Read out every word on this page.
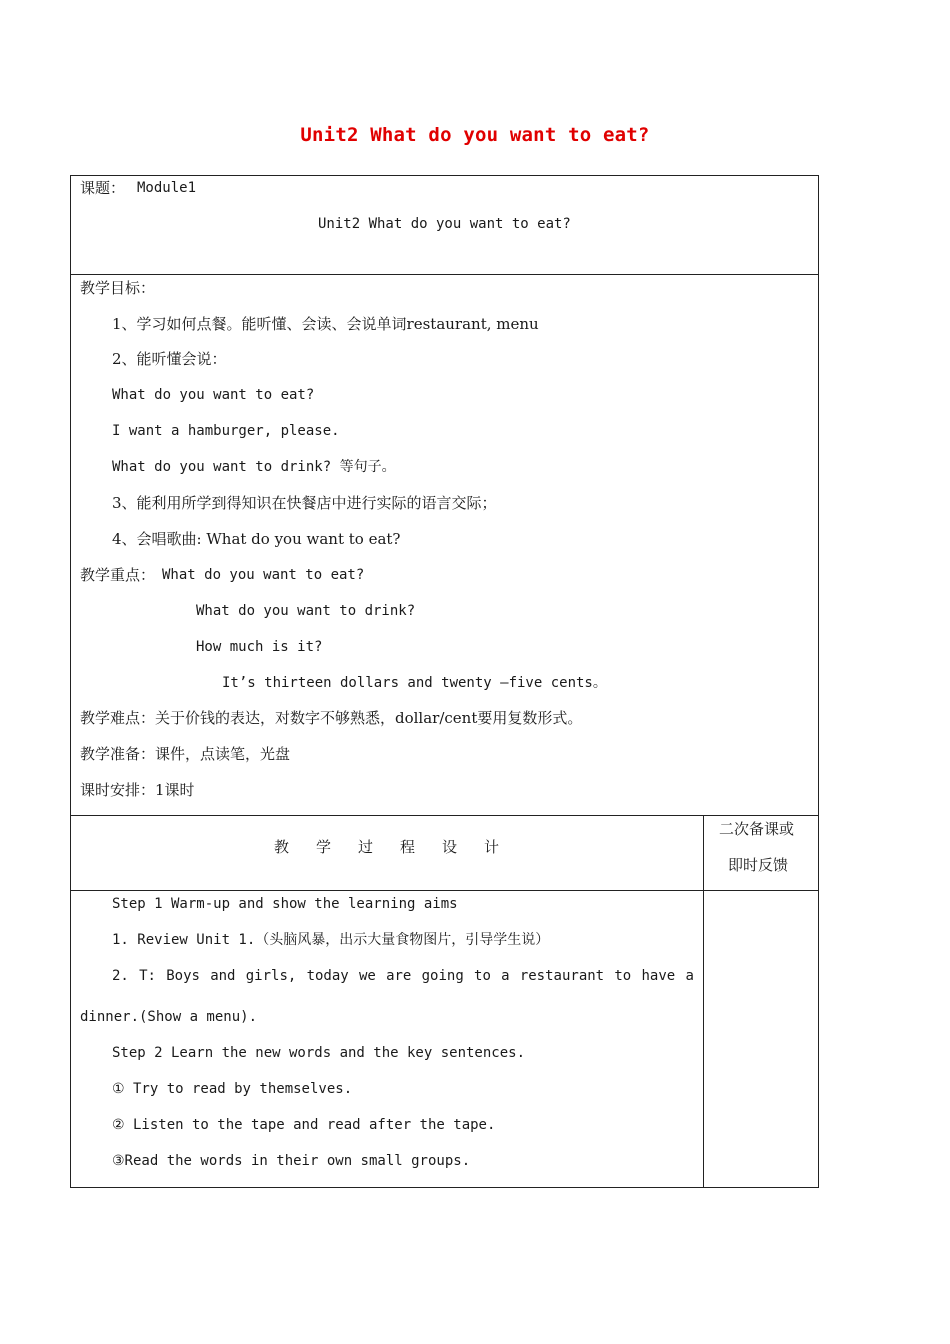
Unit2 What do you want to eat?
课题： Module1
Unit2 What do you want to eat?
教学目标：
1、学习如何点餐。能听懂、会读、会说单词restaurant, menu
2、能听懂会说：
What do you want to eat?
I want a hamburger, please.
What do you want to drink? 等句子。
3、能利用所学到得知识在快餐店中进行实际的语言交际；
4、会唱歌曲: What do you want to eat?
教学重点： What do you want to eat?
What do you want to drink?
How much is it?
It’s thirteen dollars and twenty –five cents。
教学难点：关于价钱的表达，对数字不够熟悉，dollar/cent要用复数形式。
教学准备：课件，点读笔，光盘
课时安排：1课时
教学过程设计
二次备课或
即时反馈
Step 1 Warm-up and show the learning aims
1. Review Unit 1.（头脑风暴，出示大量食物图片，引导学生说）
2. T: Boys and girls, today we are going to a restaurant to have a
dinner.(Show a menu).
Step 2 Learn the new words and the key sentences.
① Try to read by themselves.
② Listen to the tape and read after the tape.
③Read the words in their own small groups.
